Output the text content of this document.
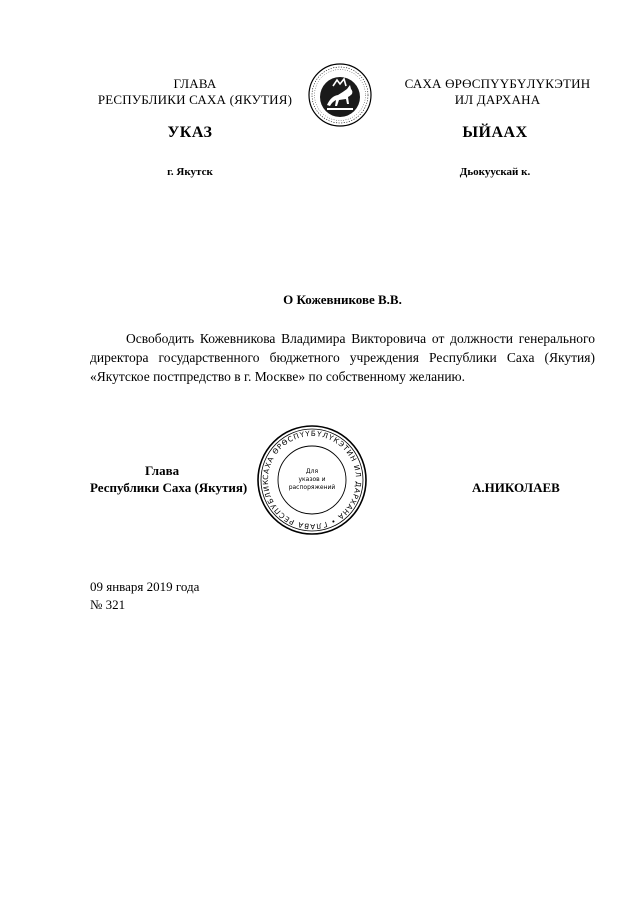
ГЛАВА
РЕСПУБЛИКИ САХА (ЯКУТИЯ)
САХА ӨРӨСПҮҮБҮЛҮКЭТИН
ИЛ ДАРХАНА
УКАЗ	ЫЙААХ
г. Якутск	Дьокуускай к.
О Кожевникове В.В.
Освободить Кожевникова Владимира Викторовича от должности генерального директора государственного бюджетного учреждения Республики Саха (Якутия) «Якутское постпредство в г. Москве» по собственному желанию.
САХА ӨРӨСПҮҮБҮЛҮКЭТИН ИЛ ДАРХАНА • ГЛАВА РЕСПУБЛИК
Для
указов и
распоряжений
Глава
Республики Саха (Якутия)	А.НИКОЛАЕВ
09 января 2019 года
№ 321
